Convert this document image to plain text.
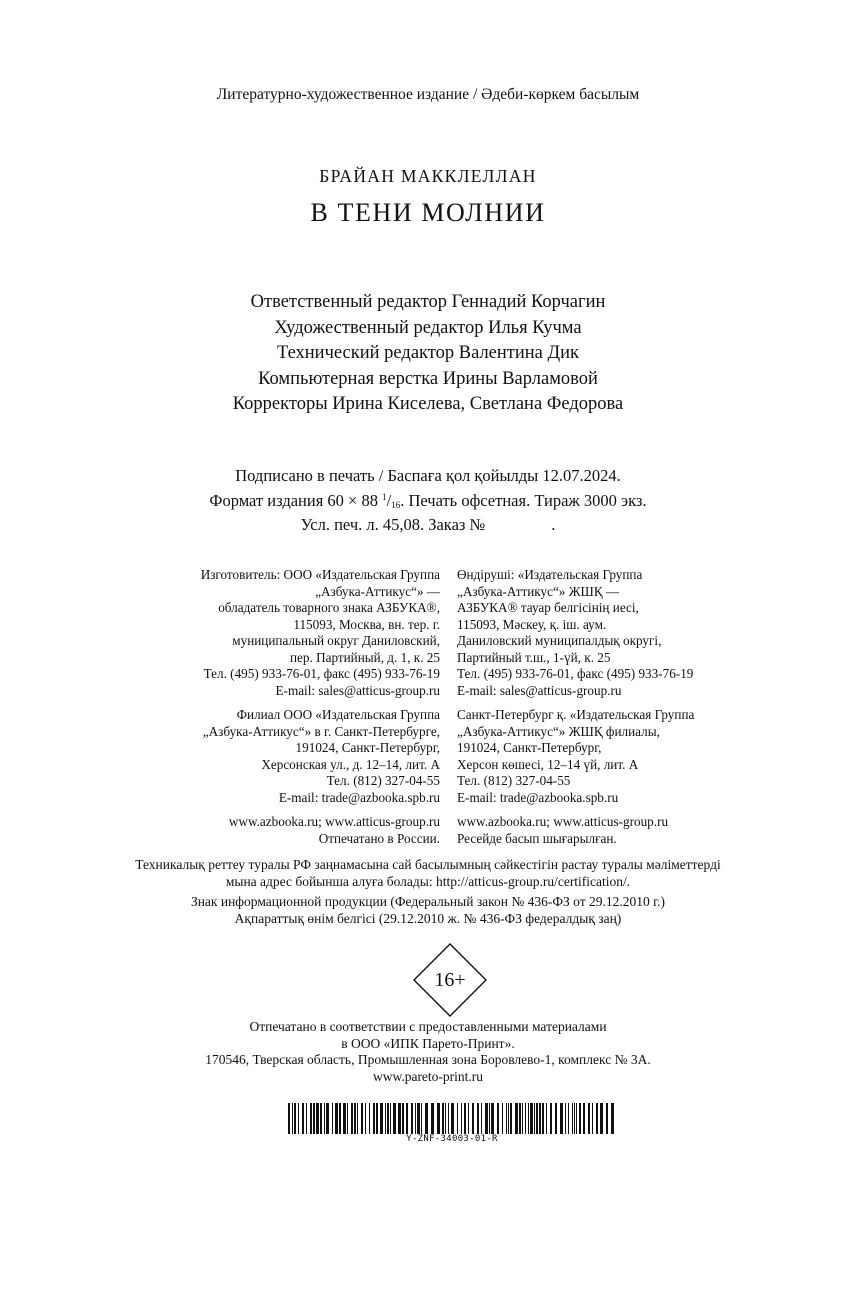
Литературно-художественное издание / Әдеби-көркем басылым
БРАЙАН МАККЛЕЛЛАН
В ТЕНИ МОЛНИИ
Ответственный редактор Геннадий Корчагин
Художественный редактор Илья Кучма
Технический редактор Валентина Дик
Компьютерная верстка Ирины Варламовой
Корректоры Ирина Киселева, Светлана Федорова
Подписано в печать / Баспаға қол қойылды 12.07.2024.
Формат издания 60 × 88 $^1/_{16}$. Печать офсетная. Тираж 3000 экз.
Усл. печ. л. 45,08. Заказ №                .
Изготовитель: ООО «Издательская Группа
„Азбука-Аттикус“» —
обладатель товарного знака АЗБУКА®,
115093, Москва, вн. тер. г.
муниципальный округ Даниловский,
пер. Партийный, д. 1, к. 25
Тел. (495) 933-76-01, факс (495) 933-76-19
E-mail: sales@atticus-group.ru
Филиал ООО «Издательская Группа
„Азбука-Аттикус“» в г. Санкт-Петербурге,
191024, Санкт-Петербург,
Херсонская ул., д. 12–14, лит. А
Тел. (812) 327-04-55
E-mail: trade@azbooka.spb.ru
www.azbooka.ru; www.atticus-group.ru
Отпечатано в России.
Өндіруші: «Издательская Группа
„Азбука-Аттикус“» ЖШҚ —
АЗБУКА® тауар белгісінің иесі,
115093, Мәскеу, қ. іш. аум.
Даниловский муниципалдық округі,
Партийный т.ш., 1-үй, к. 25
Тел. (495) 933-76-01, факс (495) 933-76-19
E-mail: sales@atticus-group.ru
Санкт-Петербург қ. «Издательская Группа
„Азбука-Аттикус“» ЖШҚ филиалы,
191024, Санкт-Петербург,
Херсон көшесі, 12–14 үй, лит. А
Тел. (812) 327-04-55
E-mail: trade@azbooka.spb.ru
www.azbooka.ru; www.atticus-group.ru
Ресейде басып шығарылған.
Техникалық реттеу туралы РФ заңнамасына сай басылымның сәйкестігін растау туралы мәліметтерді
мына адрес бойынша алуға болады: http://atticus-group.ru/certification/.
Знак информационной продукции (Федеральный закон № 436-ФЗ от 29.12.2010 г.)
Ақпараттық өнім белгісі (29.12.2010 ж. № 436-ФЗ федералдық заң)
16+
Отпечатано в соответствии с предоставленными материалами
в ООО «ИПК Парето-Принт».
170546, Тверская область, Промышленная зона Боровлево-1, комплекс № 3А.
www.pareto-print.ru
Y-ZNF-34003-01-R
